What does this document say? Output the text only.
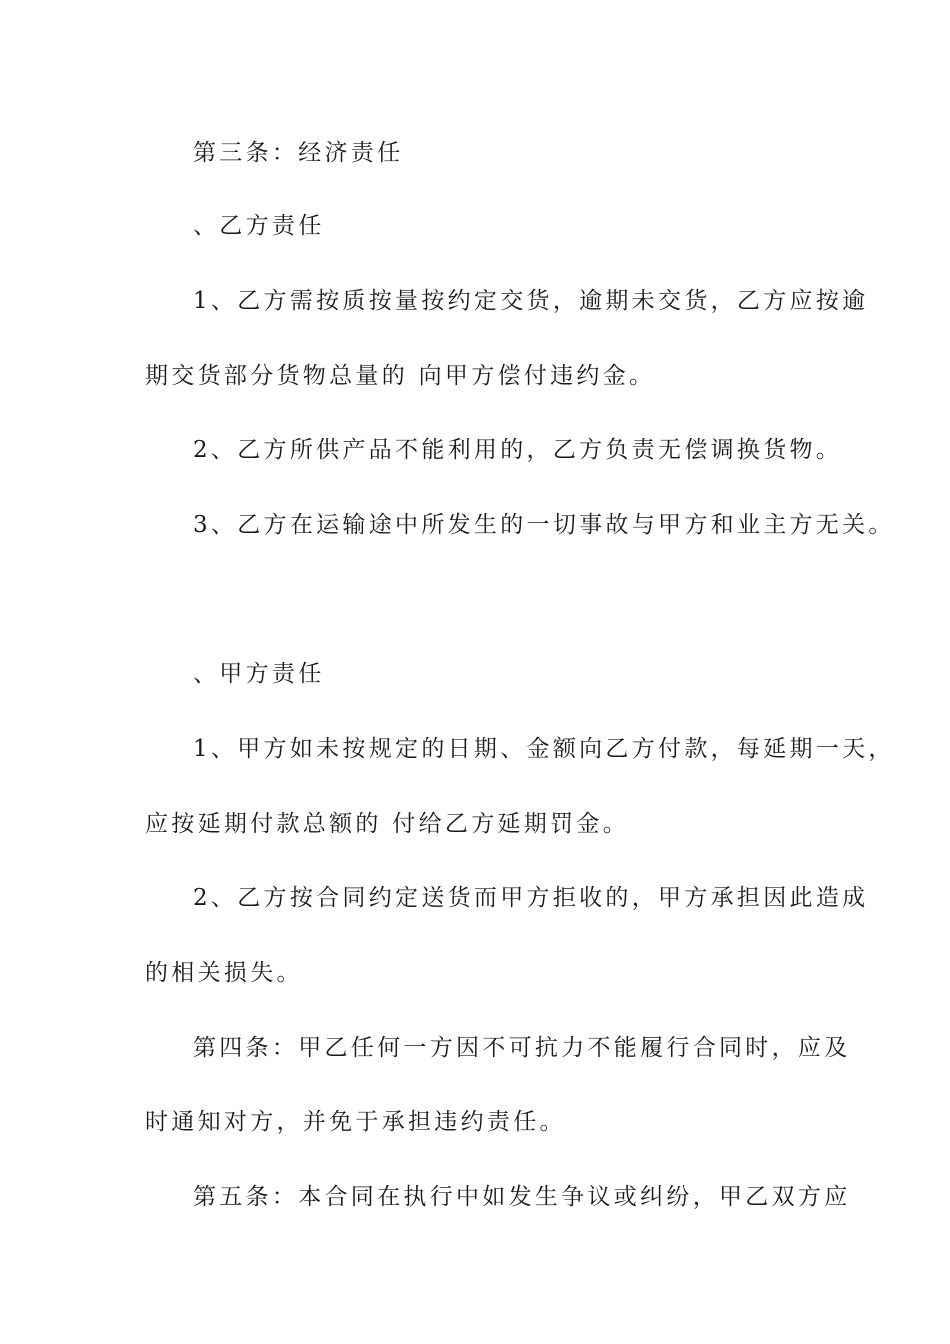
第三条：经济责任
、乙方责任
1、乙方需按质按量按约定交货，逾期未交货，乙方应按逾
期交货部分货物总量的 向甲方偿付违约金。
2、乙方所供产品不能利用的，乙方负责无偿调换货物。
3、乙方在运输途中所发生的一切事故与甲方和业主方无关。
、甲方责任
1、甲方如未按规定的日期、金额向乙方付款，每延期一天，
应按延期付款总额的 付给乙方延期罚金。
2、乙方按合同约定送货而甲方拒收的，甲方承担因此造成
的相关损失。
第四条：甲乙任何一方因不可抗力不能履行合同时，应及
时通知对方，并免于承担违约责任。
第五条：本合同在执行中如发生争议或纠纷，甲乙双方应
